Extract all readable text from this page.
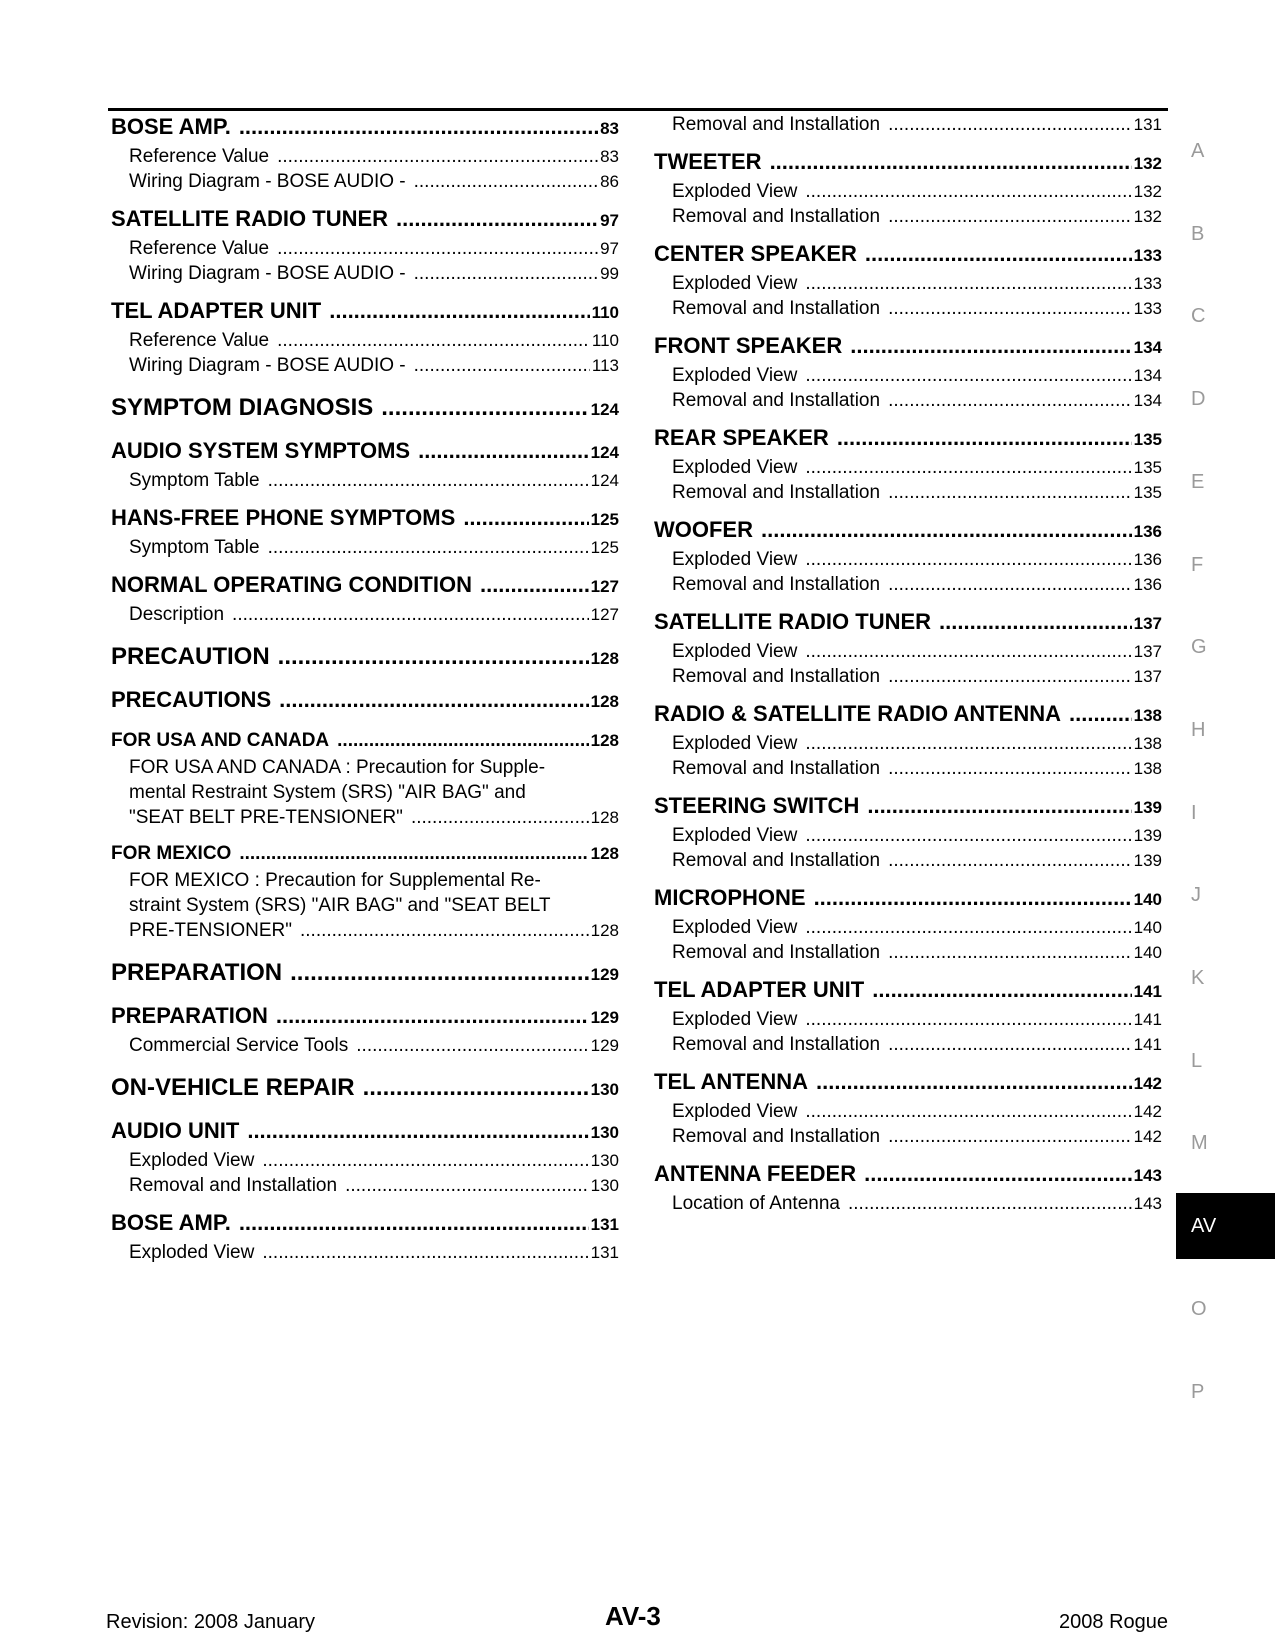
BOSE AMP. .....	83
Reference Value .....	83
Wiring Diagram - BOSE AUDIO - .....	86
SATELLITE RADIO TUNER .....	97
Reference Value .....	97
Wiring Diagram - BOSE AUDIO - .....	99
TEL ADAPTER UNIT .....	110
Reference Value .....	110
Wiring Diagram - BOSE AUDIO - .....	113
SYMPTOM DIAGNOSIS .....	124
AUDIO SYSTEM SYMPTOMS .....	124
Symptom Table .....	124
HANS-FREE PHONE SYMPTOMS .....	125
Symptom Table .....	125
NORMAL OPERATING CONDITION .....	127
Description .....	127
PRECAUTION .....	128
PRECAUTIONS .....	128
FOR USA AND CANADA .....	128
FOR USA AND CANADA : Precaution for Supple-
mental Restraint System (SRS) "AIR BAG" and
"SEAT BELT PRE-TENSIONER" .....	128
FOR MEXICO .....	128
FOR MEXICO : Precaution for Supplemental Re-
straint System (SRS) "AIR BAG" and "SEAT BELT
PRE-TENSIONER" .....	128
PREPARATION .....	129
PREPARATION .....	129
Commercial Service Tools .....	129
ON-VEHICLE REPAIR .....	130
AUDIO UNIT .....	130
Exploded View .....	130
Removal and Installation .....	130
BOSE AMP. .....	131
Exploded View .....	131
Removal and Installation .....	131
TWEETER .....	132
Exploded View .....	132
Removal and Installation .....	132
CENTER SPEAKER .....	133
Exploded View .....	133
Removal and Installation .....	133
FRONT SPEAKER .....	134
Exploded View .....	134
Removal and Installation .....	134
REAR SPEAKER .....	135
Exploded View .....	135
Removal and Installation .....	135
WOOFER .....	136
Exploded View .....	136
Removal and Installation .....	136
SATELLITE RADIO TUNER .....	137
Exploded View .....	137
Removal and Installation .....	137
RADIO & SATELLITE RADIO ANTENNA .....	138
Exploded View .....	138
Removal and Installation .....	138
STEERING SWITCH .....	139
Exploded View .....	139
Removal and Installation .....	139
MICROPHONE .....	140
Exploded View .....	140
Removal and Installation .....	140
TEL ADAPTER UNIT .....	141
Exploded View .....	141
Removal and Installation .....	141
TEL ANTENNA .....	142
Exploded View .....	142
Removal and Installation .....	142
ANTENNA FEEDER .....	143
Location of Antenna .....	143
A
B
C
D
E
F
G
H
I
J
K
L
M
AV
O
P
Revision: 2008 January	AV-3	2008 Rogue
